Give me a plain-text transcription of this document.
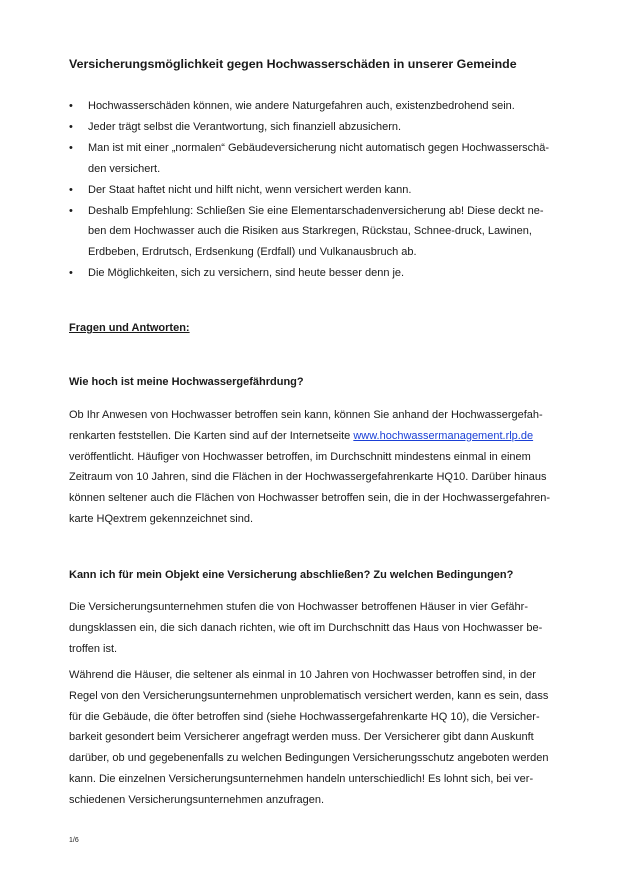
Versicherungsmöglichkeit gegen Hochwasserschäden in unserer Gemeinde
• Hochwasserschäden können, wie andere Naturgefahren auch, existenzbedrohend sein.
• Jeder trägt selbst die Verantwortung, sich finanziell abzusichern.
• Man ist mit einer „normalen“ Gebäudeversicherung nicht automatisch gegen Hochwasserschä-
den versichert.
• Der Staat haftet nicht und hilft nicht, wenn versichert werden kann.
• Deshalb Empfehlung: Schließen Sie eine Elementarschadenversicherung ab! Diese deckt ne-
ben dem Hochwasser auch die Risiken aus Starkregen, Rückstau, Schnee-druck, Lawinen,
Erdbeben, Erdrutsch, Erdsenkung (Erdfall) und Vulkanausbruch ab.
• Die Möglichkeiten, sich zu versichern, sind heute besser denn je.
Fragen und Antworten:
Wie hoch ist meine Hochwassergefährdung?

Ob Ihr Anwesen von Hochwasser betroffen sein kann, können Sie anhand der Hochwassergefah-
renkarten feststellen. Die Karten sind auf der Internetseite www.hochwassermanagement.rlp.de
veröffentlicht. Häufiger von Hochwasser betroffen, im Durchschnitt mindestens einmal in einem
Zeitraum von 10 Jahren, sind die Flächen in der Hochwassergefahrenkarte HQ10. Darüber hinaus
können seltener auch die Flächen von Hochwasser betroffen sein, die in der Hochwassergefahren-
karte HQextrem gekennzeichnet sind.

Kann ich für mein Objekt eine Versicherung abschließen? Zu welchen Bedingungen?

Die Versicherungsunternehmen stufen die von Hochwasser betroffenen Häuser in vier Gefähr-
dungsklassen ein, die sich danach richten, wie oft im Durchschnitt das Haus von Hochwasser be-
troffen ist.

Während die Häuser, die seltener als einmal in 10 Jahren von Hochwasser betroffen sind, in der
Regel von den Versicherungsunternehmen unproblematisch versichert werden, kann es sein, dass
für die Gebäude, die öfter betroffen sind (siehe Hochwassergefahrenkarte HQ 10), die Versicher-
barkeit gesondert beim Versicherer angefragt werden muss. Der Versicherer gibt dann Auskunft
darüber, ob und gegebenenfalls zu welchen Bedingungen Versicherungsschutz angeboten werden
kann. Die einzelnen Versicherungsunternehmen handeln unterschiedlich! Es lohnt sich, bei ver-
schiedenen Versicherungsunternehmen anzufragen.

1/6
